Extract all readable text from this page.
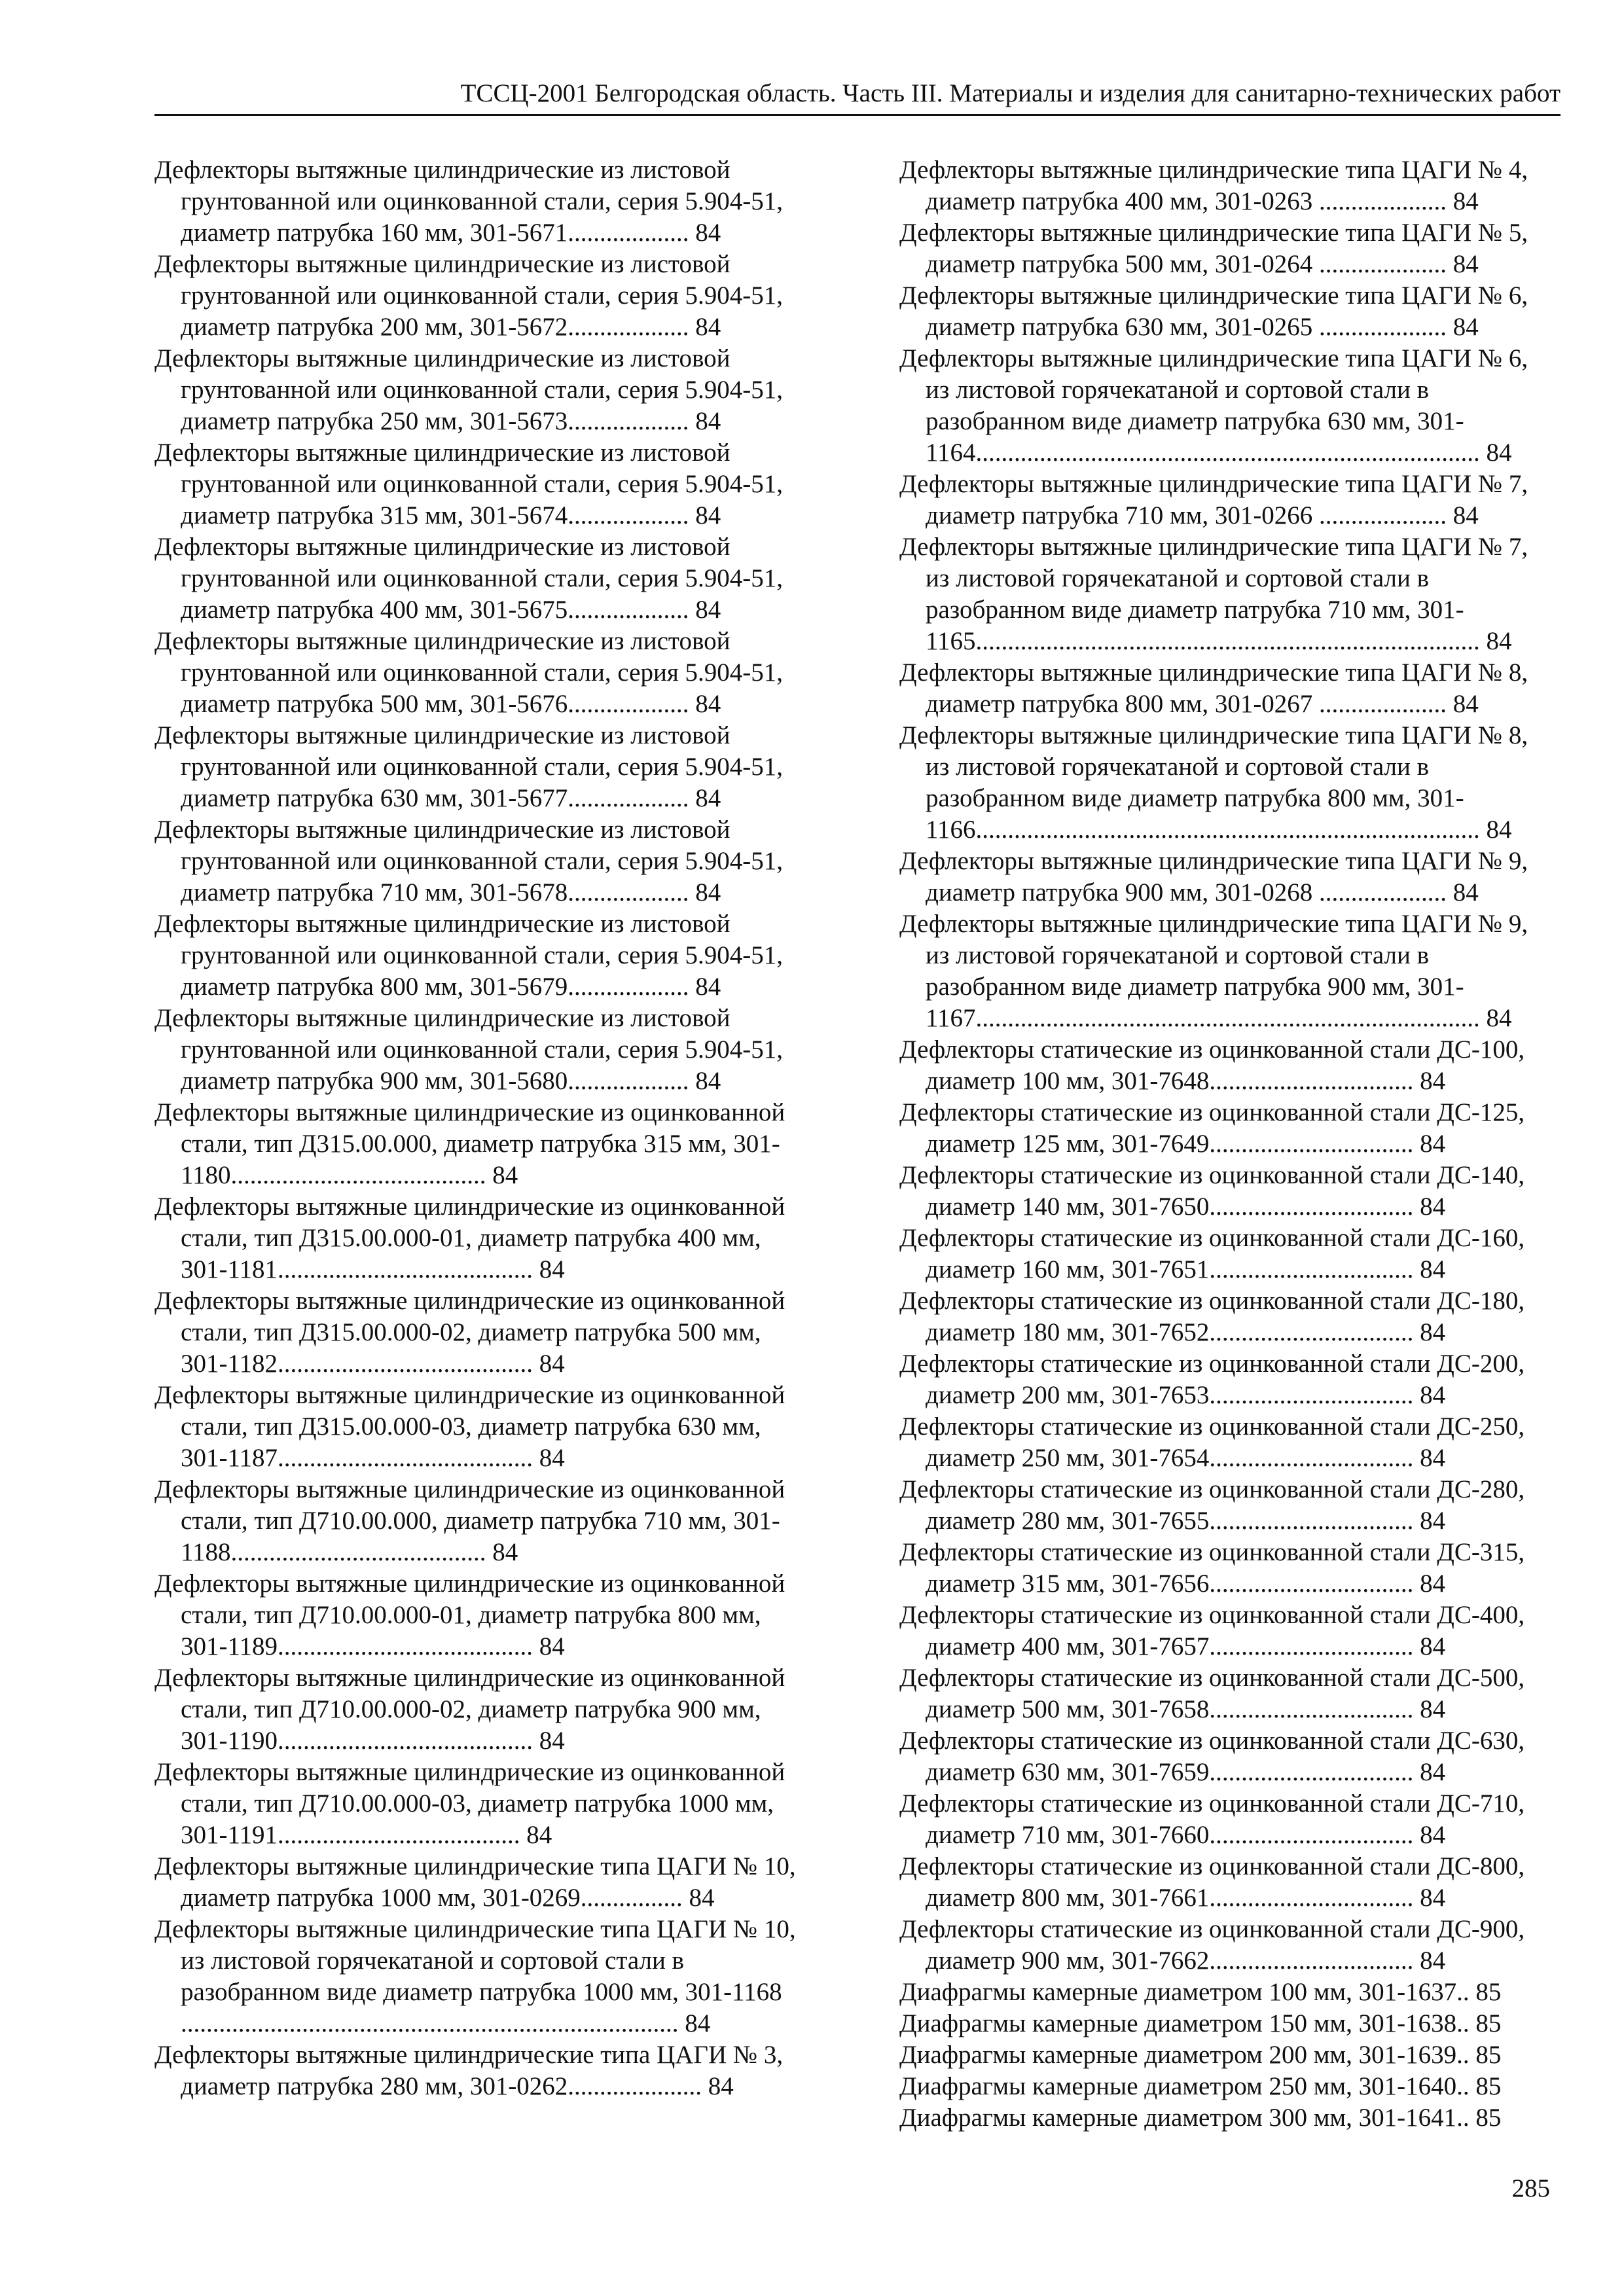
ТССЦ-2001 Белгородская область. Часть III. Материалы и изделия для санитарно-технических работ
Дефлекторы вытяжные цилиндрические из листовой грунтованной или оцинкованной стали, серия 5.904-51, диаметр патрубка 160 мм, 301-5671................... 84
Дефлекторы вытяжные цилиндрические из листовой грунтованной или оцинкованной стали, серия 5.904-51, диаметр патрубка 200 мм, 301-5672................... 84
Дефлекторы вытяжные цилиндрические из листовой грунтованной или оцинкованной стали, серия 5.904-51, диаметр патрубка 250 мм, 301-5673................... 84
Дефлекторы вытяжные цилиндрические из листовой грунтованной или оцинкованной стали, серия 5.904-51, диаметр патрубка 315 мм, 301-5674................... 84
Дефлекторы вытяжные цилиндрические из листовой грунтованной или оцинкованной стали, серия 5.904-51, диаметр патрубка 400 мм, 301-5675................... 84
Дефлекторы вытяжные цилиндрические из листовой грунтованной или оцинкованной стали, серия 5.904-51, диаметр патрубка 500 мм, 301-5676................... 84
Дефлекторы вытяжные цилиндрические из листовой грунтованной или оцинкованной стали, серия 5.904-51, диаметр патрубка 630 мм, 301-5677................... 84
Дефлекторы вытяжные цилиндрические из листовой грунтованной или оцинкованной стали, серия 5.904-51, диаметр патрубка 710 мм, 301-5678................... 84
Дефлекторы вытяжные цилиндрические из листовой грунтованной или оцинкованной стали, серия 5.904-51, диаметр патрубка 800 мм, 301-5679................... 84
Дефлекторы вытяжные цилиндрические из листовой грунтованной или оцинкованной стали, серия 5.904-51, диаметр патрубка 900 мм, 301-5680................... 84
Дефлекторы вытяжные цилиндрические из оцинкованной стали, тип Д315.00.000, диаметр патрубка 315 мм, 301-1180........................................ 84
Дефлекторы вытяжные цилиндрические из оцинкованной стали, тип Д315.00.000-01, диаметр патрубка 400 мм, 301-1181........................................ 84
Дефлекторы вытяжные цилиндрические из оцинкованной стали, тип Д315.00.000-02, диаметр патрубка 500 мм, 301-1182........................................ 84
Дефлекторы вытяжные цилиндрические из оцинкованной стали, тип Д315.00.000-03, диаметр патрубка 630 мм, 301-1187........................................ 84
Дефлекторы вытяжные цилиндрические из оцинкованной стали, тип Д710.00.000, диаметр патрубка 710 мм, 301-1188........................................ 84
Дефлекторы вытяжные цилиндрические из оцинкованной стали, тип Д710.00.000-01, диаметр патрубка 800 мм, 301-1189........................................ 84
Дефлекторы вытяжные цилиндрические из оцинкованной стали, тип Д710.00.000-02, диаметр патрубка 900 мм, 301-1190........................................ 84
Дефлекторы вытяжные цилиндрические из оцинкованной стали, тип Д710.00.000-03, диаметр патрубка 1000 мм, 301-1191...................................... 84
Дефлекторы вытяжные цилиндрические типа ЦАГИ № 10, диаметр патрубка 1000 мм, 301-0269................ 84
Дефлекторы вытяжные цилиндрические типа ЦАГИ № 10, из листовой горячекатаной и сортовой стали в разобранном виде диаметр патрубка 1000 мм, 301-1168 .............................................................................. 84
Дефлекторы вытяжные цилиндрические типа ЦАГИ № 3, диаметр патрубка 280 мм, 301-0262..................... 84
Дефлекторы вытяжные цилиндрические типа ЦАГИ № 4, диаметр патрубка 400 мм, 301-0263 .................... 84
Дефлекторы вытяжные цилиндрические типа ЦАГИ № 5, диаметр патрубка 500 мм, 301-0264 .................... 84
Дефлекторы вытяжные цилиндрические типа ЦАГИ № 6, диаметр патрубка 630 мм, 301-0265 .................... 84
Дефлекторы вытяжные цилиндрические типа ЦАГИ № 6, из листовой горячекатаной и сортовой стали в разобранном виде диаметр патрубка 630 мм, 301-1164............................................................................... 84
Дефлекторы вытяжные цилиндрические типа ЦАГИ № 7, диаметр патрубка 710 мм, 301-0266 .................... 84
Дефлекторы вытяжные цилиндрические типа ЦАГИ № 7, из листовой горячекатаной и сортовой стали в разобранном виде диаметр патрубка 710 мм, 301-1165............................................................................... 84
Дефлекторы вытяжные цилиндрические типа ЦАГИ № 8, диаметр патрубка 800 мм, 301-0267 .................... 84
Дефлекторы вытяжные цилиндрические типа ЦАГИ № 8, из листовой горячекатаной и сортовой стали в разобранном виде диаметр патрубка 800 мм, 301-1166............................................................................... 84
Дефлекторы вытяжные цилиндрические типа ЦАГИ № 9, диаметр патрубка 900 мм, 301-0268 .................... 84
Дефлекторы вытяжные цилиндрические типа ЦАГИ № 9, из листовой горячекатаной и сортовой стали в разобранном виде диаметр патрубка 900 мм, 301-1167............................................................................... 84
Дефлекторы статические из оцинкованной стали ДС-100, диаметр 100 мм, 301-7648................................ 84
Дефлекторы статические из оцинкованной стали ДС-125, диаметр 125 мм, 301-7649................................ 84
Дефлекторы статические из оцинкованной стали ДС-140, диаметр 140 мм, 301-7650................................ 84
Дефлекторы статические из оцинкованной стали ДС-160, диаметр 160 мм, 301-7651................................ 84
Дефлекторы статические из оцинкованной стали ДС-180, диаметр 180 мм, 301-7652................................ 84
Дефлекторы статические из оцинкованной стали ДС-200, диаметр 200 мм, 301-7653................................ 84
Дефлекторы статические из оцинкованной стали ДС-250, диаметр 250 мм, 301-7654................................ 84
Дефлекторы статические из оцинкованной стали ДС-280, диаметр 280 мм, 301-7655................................ 84
Дефлекторы статические из оцинкованной стали ДС-315, диаметр 315 мм, 301-7656................................ 84
Дефлекторы статические из оцинкованной стали ДС-400, диаметр 400 мм, 301-7657................................ 84
Дефлекторы статические из оцинкованной стали ДС-500, диаметр 500 мм, 301-7658................................ 84
Дефлекторы статические из оцинкованной стали ДС-630, диаметр 630 мм, 301-7659................................ 84
Дефлекторы статические из оцинкованной стали ДС-710, диаметр 710 мм, 301-7660................................ 84
Дефлекторы статические из оцинкованной стали ДС-800, диаметр 800 мм, 301-7661................................ 84
Дефлекторы статические из оцинкованной стали ДС-900, диаметр 900 мм, 301-7662................................ 84
Диафрагмы камерные диаметром 100 мм, 301-1637.. 85
Диафрагмы камерные диаметром 150 мм, 301-1638.. 85
Диафрагмы камерные диаметром 200 мм, 301-1639.. 85
Диафрагмы камерные диаметром 250 мм, 301-1640.. 85
Диафрагмы камерные диаметром 300 мм, 301-1641.. 85
285
